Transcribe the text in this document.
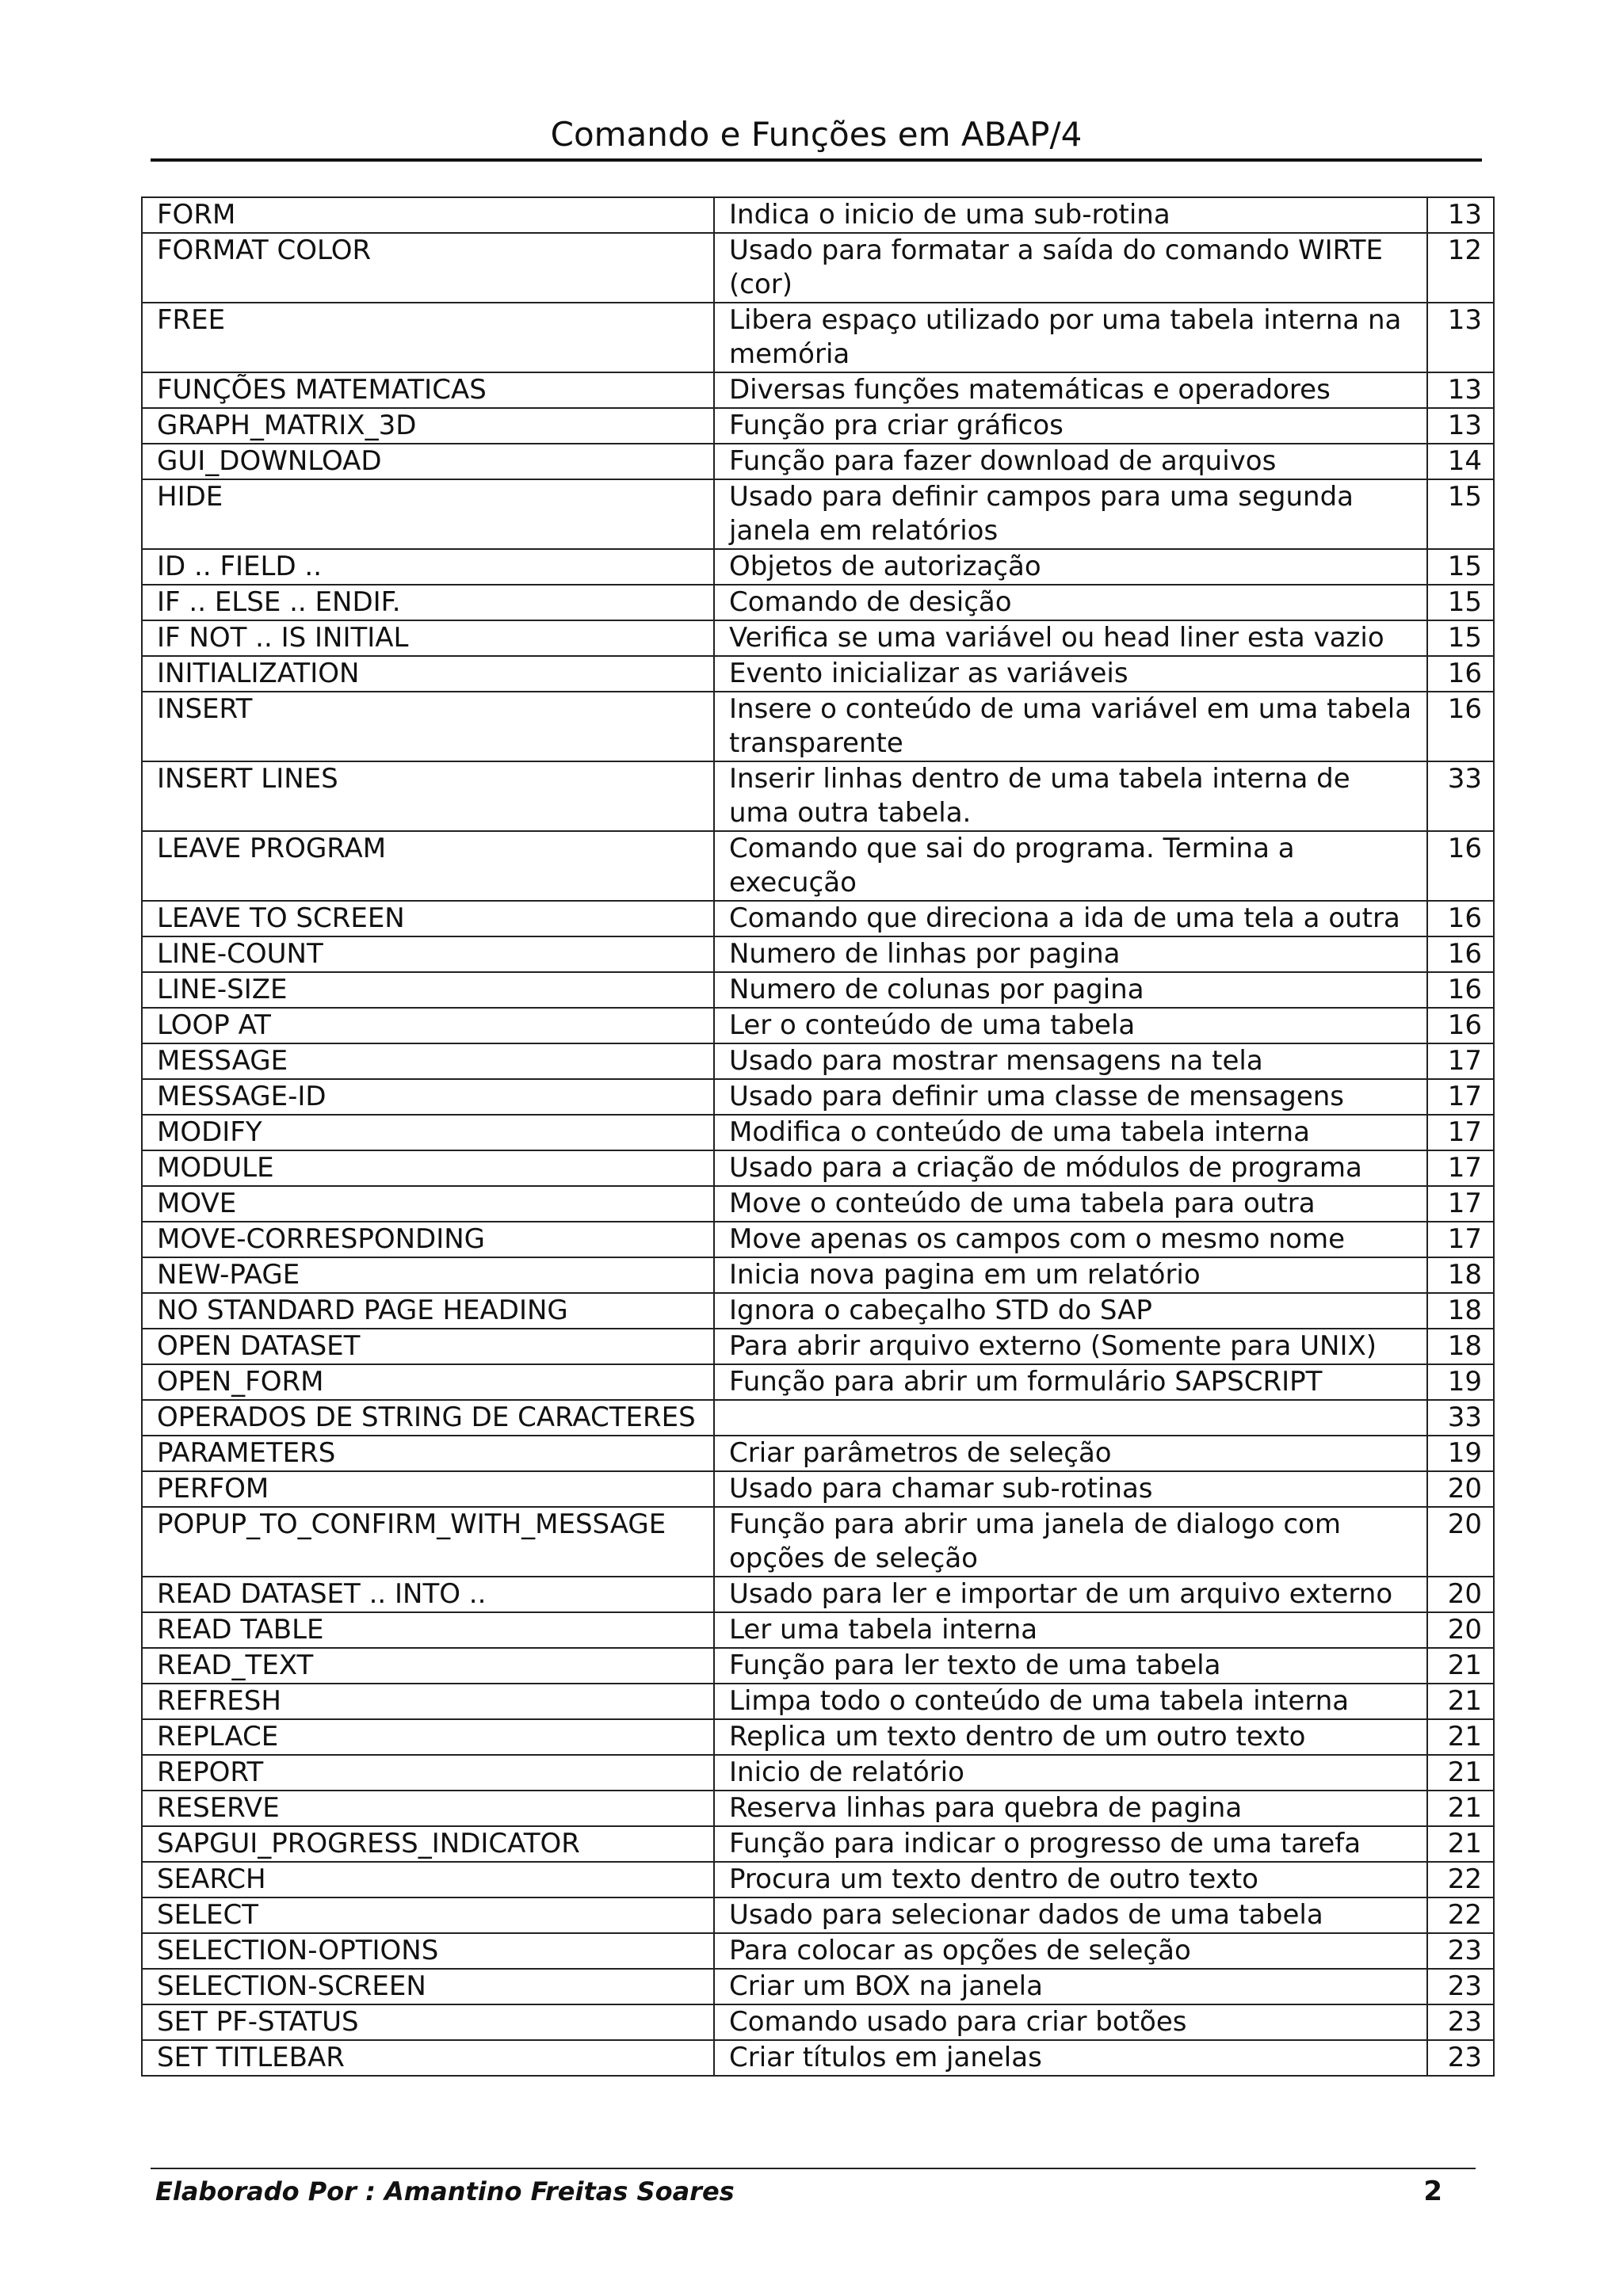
Comando e Funções em ABAP/4
FORM	Indica o inicio de uma sub-rotina	13
FORMAT COLOR	Usado para formatar a saída do comando WIRTE (cor)	12
FREE	Libera espaço utilizado por uma tabela interna na memória	13
FUNÇÕES MATEMATICAS	Diversas funções matemáticas e operadores	13
GRAPH_MATRIX_3D	Função pra criar gráficos	13
GUI_DOWNLOAD	Função para fazer download de arquivos	14
HIDE	Usado para definir campos para uma segunda janela em relatórios	15
ID .. FIELD ..	Objetos de autorização	15
IF .. ELSE .. ENDIF.	Comando de desição	15
IF NOT .. IS INITIAL	Verifica se uma variável ou head liner esta vazio	15
INITIALIZATION	Evento inicializar as variáveis	16
INSERT	Insere o conteúdo de uma variável em uma tabela transparente	16
INSERT LINES	Inserir linhas dentro de uma tabela interna de uma outra tabela.	33
LEAVE PROGRAM	Comando que sai do programa. Termina a execução	16
LEAVE TO SCREEN	Comando que direciona a ida de uma tela a outra	16
LINE-COUNT	Numero de linhas por pagina	16
LINE-SIZE	Numero de colunas por pagina	16
LOOP AT	Ler o conteúdo de uma tabela	16
MESSAGE	Usado para mostrar mensagens na tela	17
MESSAGE-ID	Usado para definir uma classe de mensagens	17
MODIFY	Modifica o conteúdo de uma tabela interna	17
MODULE	Usado para a criação de módulos de programa	17
MOVE	Move o conteúdo de uma tabela para outra	17
MOVE-CORRESPONDING	Move apenas os campos com o mesmo nome	17
NEW-PAGE	Inicia nova pagina em um relatório	18
NO STANDARD PAGE HEADING	Ignora o cabeçalho STD do SAP	18
OPEN DATASET	Para abrir arquivo externo (Somente para UNIX)	18
OPEN_FORM	Função para abrir um formulário SAPSCRIPT	19
OPERADOS DE STRING DE CARACTERES		33
PARAMETERS	Criar parâmetros de seleção	19
PERFOM	Usado para chamar sub-rotinas	20
POPUP_TO_CONFIRM_WITH_MESSAGE	Função para abrir uma janela de dialogo com opções de seleção	20
READ DATASET .. INTO ..	Usado para ler e importar de um arquivo externo	20
READ TABLE	Ler uma tabela interna	20
READ_TEXT	Função para ler texto de uma tabela	21
REFRESH	Limpa todo o conteúdo de uma tabela interna	21
REPLACE	Replica um texto dentro de um outro texto	21
REPORT	Inicio de relatório	21
RESERVE	Reserva linhas para quebra de pagina	21
SAPGUI_PROGRESS_INDICATOR	Função para indicar o progresso de uma tarefa	21
SEARCH	Procura um texto dentro de outro texto	22
SELECT	Usado para selecionar dados de uma tabela	22
SELECTION-OPTIONS	Para colocar as opções de seleção	23
SELECTION-SCREEN	Criar um BOX na janela	23
SET PF-STATUS	Comando usado para criar botões	23
SET TITLEBAR	Criar títulos em janelas	23
Elaborado Por : Amantino Freitas Soares	2
